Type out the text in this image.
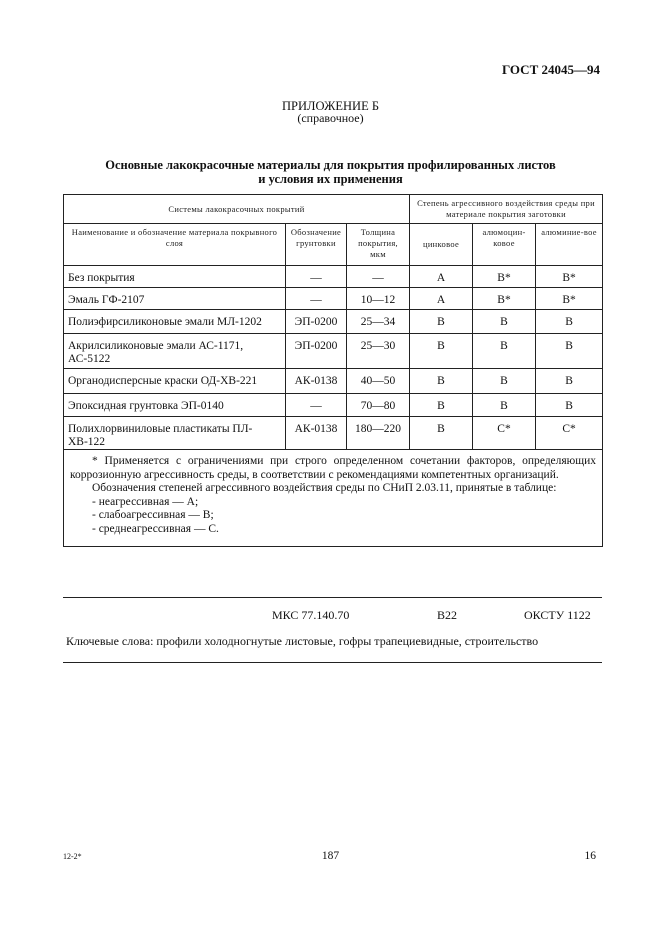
ГОСТ 24045—94
ПРИЛОЖЕНИЕ Б
(справочное)
Основные лакокрасочные материалы для покрытия профилированных листов
и условия их применения
Системы лакокрасочных покрытий			Степень агрессивного воздействия среды при материале покрытия заготовки		
Наименование и обозначение материала покрывного слоя	Обозначение грунтовки	Толщина покрытия, мкм	цинковое	алюмоцин-ковое	алюминие-вое
Без покрытия	—	—	А	В*	В*
Эмаль ГФ-2107	—	10—12	А	В*	В*
Полиэфирсиликоновые эмали МЛ-1202	ЭП-0200	25—34	В	В	В
Акрилсиликоновые эмали АС-1171, АС-5122	ЭП-0200	25—30	В	В	В
Органодисперсные краски ОД-ХВ-221	АК-0138	40—50	В	В	В
Эпоксидная грунтовка ЭП-0140	—	70—80	В	В	В
Полихлорвиниловые пластикаты ПЛ-ХВ-122	АК-0138	180—220	В	С*	С*

* Применяется с ограничениями при строго определенном сочетании факторов, определяющих коррозионную агрессивность среды, в соответствии с рекомендациями компетентных организаций.
Обозначения степеней агрессивного воздействия среды по СНиП 2.03.11, принятые в таблице:
- неагрессивная — А;
- слабоагрессивная — В;
- среднеагрессивная — С.					
МКС 77.140.70	В22	ОКСТУ 1122
Ключевые слова: профили холодногнутые листовые, гофры трапециевидные, строительство
12-2*	187	16
